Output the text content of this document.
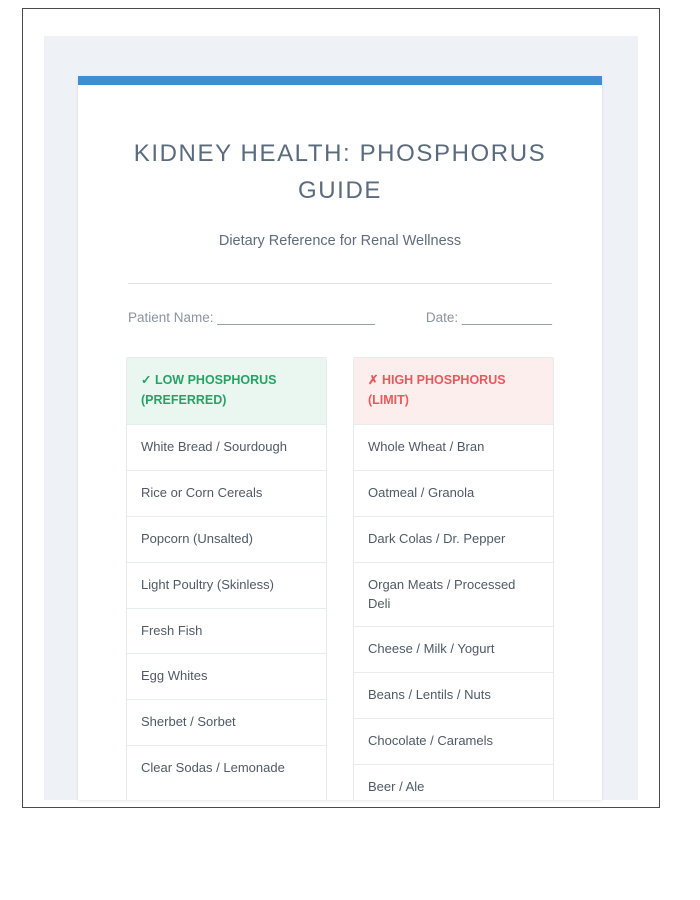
KIDNEY HEALTH: PHOSPHORUS GUIDE
Dietary Reference for Renal Wellness
Patient Name: _____________________	Date: ____________
✓ LOW PHOSPHORUS (PREFERRED)
White Bread / Sourdough
Rice or Corn Cereals
Popcorn (Unsalted)
Light Poultry (Skinless)
Fresh Fish
Egg Whites
Sherbet / Sorbet
Clear Sodas / Lemonade
✗ HIGH PHOSPHORUS (LIMIT)
Whole Wheat / Bran
Oatmeal / Granola
Dark Colas / Dr. Pepper
Organ Meats / Processed Deli
Cheese / Milk / Yogurt
Beans / Lentils / Nuts
Chocolate / Caramels
Beer / Ale
